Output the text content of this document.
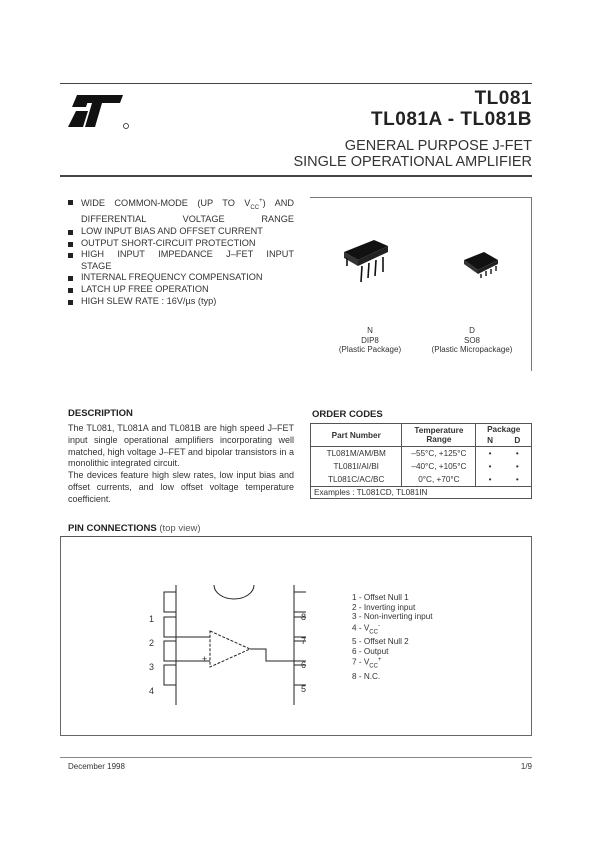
TL081
TL081A - TL081B
GENERAL PURPOSE J-FET
SINGLE OPERATIONAL AMPLIFIER
WIDE COMMON-MODE (UP TO $V_{CC}^+$) AND DIFFERENTIAL VOLTAGE RANGE
LOW INPUT BIAS AND OFFSET CURRENT
OUTPUT SHORT-CIRCUIT PROTECTION
HIGH INPUT IMPEDANCE J–FET INPUT
STAGE
INTERNAL FREQUENCY COMPENSATION
LATCH UP FREE OPERATION
HIGH SLEW RATE : 16V/µs (typ)
N
DIP8
(Plastic Package)
D
SO8
(Plastic Micropackage)
DESCRIPTION
The TL081, TL081A and TL081B are high speed J–FET input single operational amplifiers incorporating well matched, high voltage J–FET and bipolar transistors in a monolithic integrated circuit.
The devices feature high slew rates, low input bias and offset currents, and low offset voltage temperature coefficient.
ORDER CODES
Part Number	Temperature Range	Package	
		N	D
TL081M/AM/BM	–55°C, +125°C	•	•
TL081I/AI/BI	–40°C, +105°C	•	•
TL081C/AC/BC	0°C, +70°C	•	•
Examples : TL081CD, TL081IN			
PIN CONNECTIONS (top view)
–
+
1
2
3
4
8
7
6
5
1 - Offset Null 1
2 - Inverting input
3 - Non-inverting input
$4 - V_{CC}^-$
5 - Offset Null 2
6 - Output
$7 - V_{CC}^+$
8 - N.C.
December 1998	1/9
